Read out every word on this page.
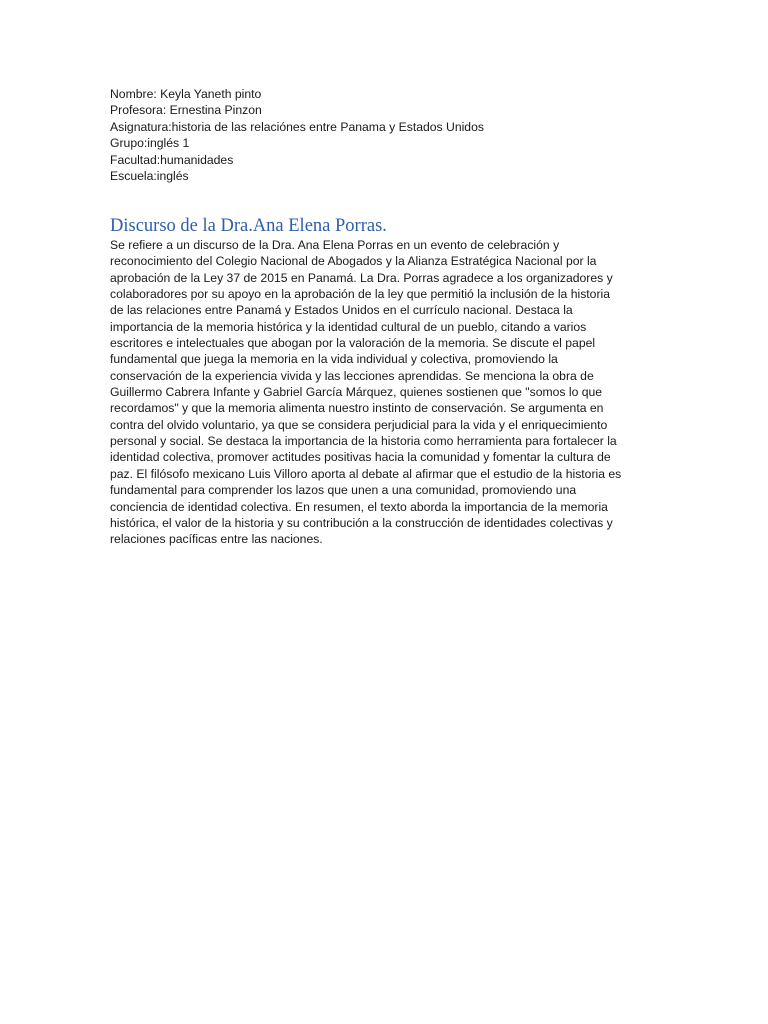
Nombre: Keyla Yaneth pinto
Profesora: Ernestina Pinzon
Asignatura:historia de las relaciónes entre Panama y Estados Unidos
Grupo:inglés 1
Facultad:humanidades
Escuela:inglés
Discurso de la Dra.Ana Elena Porras.
Se refiere a un discurso de la Dra. Ana Elena Porras en un evento de celebración y
reconocimiento del Colegio Nacional de Abogados y la Alianza Estratégica Nacional por la
aprobación de la Ley 37 de 2015 en Panamá. La Dra. Porras agradece a los organizadores y
colaboradores por su apoyo en la aprobación de la ley que permitió la inclusión de la historia
de las relaciones entre Panamá y Estados Unidos en el currículo nacional. Destaca la
importancia de la memoria histórica y la identidad cultural de un pueblo, citando a varios
escritores e intelectuales que abogan por la valoración de la memoria. Se discute el papel
fundamental que juega la memoria en la vida individual y colectiva, promoviendo la
conservación de la experiencia vivida y las lecciones aprendidas. Se menciona la obra de
Guillermo Cabrera Infante y Gabriel García Márquez, quienes sostienen que "somos lo que
recordamos" y que la memoria alimenta nuestro instinto de conservación. Se argumenta en
contra del olvido voluntario, ya que se considera perjudicial para la vida y el enriquecimiento
personal y social. Se destaca la importancia de la historia como herramienta para fortalecer la
identidad colectiva, promover actitudes positivas hacia la comunidad y fomentar la cultura de
paz. El filósofo mexicano Luis Villoro aporta al debate al afirmar que el estudio de la historia es
fundamental para comprender los lazos que unen a una comunidad, promoviendo una
conciencia de identidad colectiva. En resumen, el texto aborda la importancia de la memoria
histórica, el valor de la historia y su contribución a la construcción de identidades colectivas y
relaciones pacíficas entre las naciones.
